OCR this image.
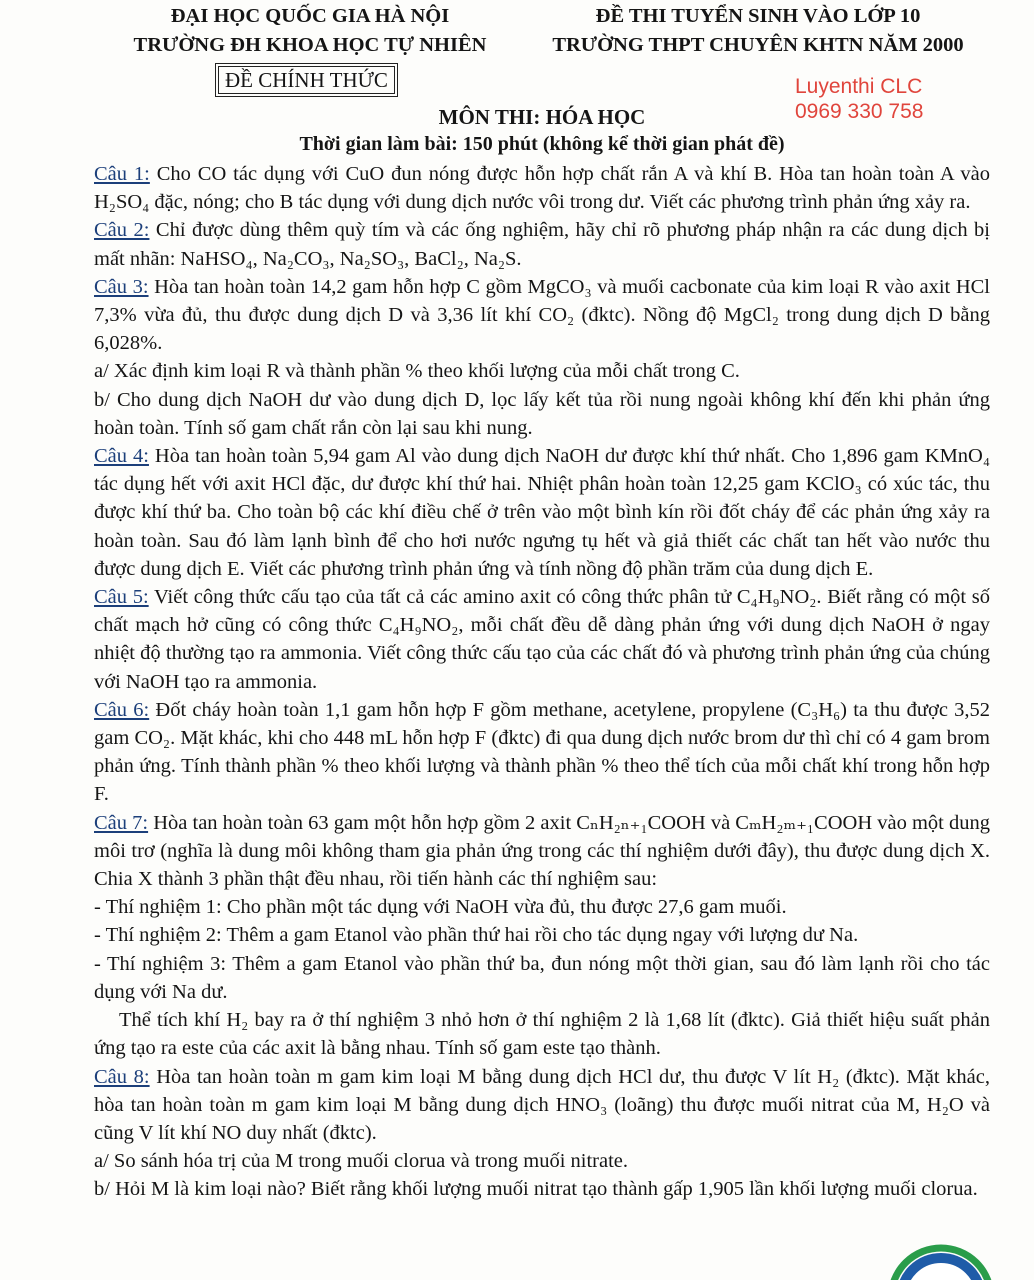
ĐẠI HỌC QUỐC GIA HÀ NỘI
TRƯỜNG ĐH KHOA HỌC TỰ NHIÊN
ĐỀ THI TUYỂN SINH VÀO LỚP 10
TRƯỜNG THPT CHUYÊN KHTN NĂM 2000
ĐỀ CHÍNH THỨC	Luyenthi CLC
0969 330 758
MÔN THI: HÓA HỌC
Thời gian làm bài: 150 phút (không kể thời gian phát đề)

Câu 1: Cho CO tác dụng với CuO đun nóng được hỗn hợp chất rắn A và khí B. Hòa tan hoàn toàn A vào H₂SO₄ đặc, nóng; cho B tác dụng với dung dịch nước vôi trong dư. Viết các phương trình phản ứng xảy ra.

Câu 2: Chỉ được dùng thêm quỳ tím và các ống nghiệm, hãy chỉ rõ phương pháp nhận ra các dung dịch bị mất nhãn: NaHSO₄, Na₂CO₃, Na₂SO₃, BaCl₂, Na₂S.

Câu 3: Hòa tan hoàn toàn 14,2 gam hỗn hợp C gồm MgCO₃ và muối cacbonate của kim loại R vào axit HCl 7,3% vừa đủ, thu được dung dịch D và 3,36 lít khí CO₂ (đktc). Nồng độ MgCl₂ trong dung dịch D bằng 6,028%.

a/ Xác định kim loại R và thành phần % theo khối lượng của mỗi chất trong C.

b/ Cho dung dịch NaOH dư vào dung dịch D, lọc lấy kết tủa rồi nung ngoài không khí đến khi phản ứng hoàn toàn. Tính số gam chất rắn còn lại sau khi nung.

Câu 4: Hòa tan hoàn toàn 5,94 gam Al vào dung dịch NaOH dư được khí thứ nhất. Cho 1,896 gam KMnO₄ tác dụng hết với axit HCl đặc, dư được khí thứ hai. Nhiệt phân hoàn toàn 12,25 gam KClO₃ có xúc tác, thu được khí thứ ba. Cho toàn bộ các khí điều chế ở trên vào một bình kín rồi đốt cháy để các phản ứng xảy ra hoàn toàn. Sau đó làm lạnh bình để cho hơi nước ngưng tụ hết và giả thiết các chất tan hết vào nước thu được dung dịch E. Viết các phương trình phản ứng và tính nồng độ phần trăm của dung dịch E.

Câu 5: Viết công thức cấu tạo của tất cả các amino axit có công thức phân tử C₄H₉NO₂. Biết rằng có một số chất mạch hở cũng có công thức C₄H₉NO₂, mỗi chất đều dễ dàng phản ứng với dung dịch NaOH ở ngay nhiệt độ thường tạo ra ammonia. Viết công thức cấu tạo của các chất đó và phương trình phản ứng của chúng với NaOH tạo ra ammonia.

Câu 6: Đốt cháy hoàn toàn 1,1 gam hỗn hợp F gồm methane, acetylene, propylene (C₃H₆) ta thu được 3,52 gam CO₂. Mặt khác, khi cho 448 mL hỗn hợp F (đktc) đi qua dung dịch nước brom dư thì chỉ có 4 gam brom phản ứng. Tính thành phần % theo khối lượng và thành phần % theo thể tích của mỗi chất khí trong hỗn hợp F.

Câu 7: Hòa tan hoàn toàn 63 gam một hỗn hợp gồm 2 axit CₙH₂ₙ₊₁COOH và CₘH₂ₘ₊₁COOH vào một dung môi trơ (nghĩa là dung môi không tham gia phản ứng trong các thí nghiệm dưới đây), thu được dung dịch X. Chia X thành 3 phần thật đều nhau, rồi tiến hành các thí nghiệm sau:

- Thí nghiệm 1: Cho phần một tác dụng với NaOH vừa đủ, thu được 27,6 gam muối.

- Thí nghiệm 2: Thêm a gam Etanol vào phần thứ hai rồi cho tác dụng ngay với lượng dư Na.

- Thí nghiệm 3: Thêm a gam Etanol vào phần thứ ba, đun nóng một thời gian, sau đó làm lạnh rồi cho tác dụng với Na dư.

Thể tích khí H₂ bay ra ở thí nghiệm 3 nhỏ hơn ở thí nghiệm 2 là 1,68 lít (đktc). Giả thiết hiệu suất phản ứng tạo ra este của các axit là bằng nhau. Tính số gam este tạo thành.

Câu 8: Hòa tan hoàn toàn m gam kim loại M bằng dung dịch HCl dư, thu được V lít H₂ (đktc). Mặt khác, hòa tan hoàn toàn m gam kim loại M bằng dung dịch HNO₃ (loãng) thu được muối nitrat của M, H₂O và cũng V lít khí NO duy nhất (đktc).

a/ So sánh hóa trị của M trong muối clorua và trong muối nitrate.

b/ Hỏi M là kim loại nào? Biết rằng khối lượng muối nitrat tạo thành gấp 1,905 lần khối lượng muối clorua.
